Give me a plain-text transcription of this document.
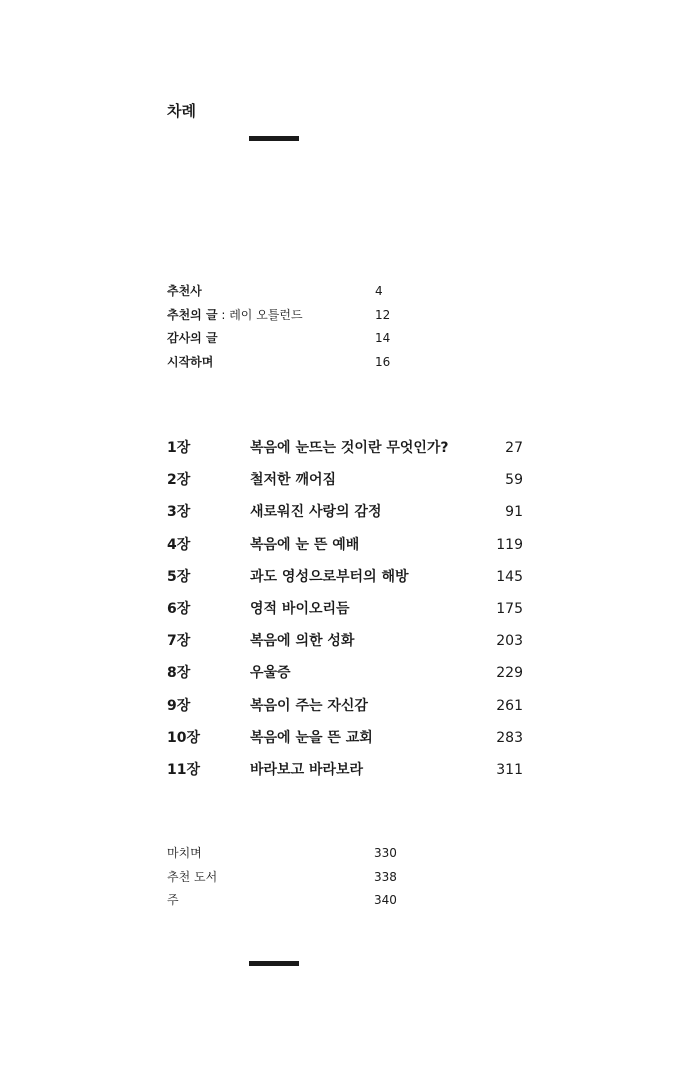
차례
추천사	4
추천의 글 : 레이 오틀런드	12
감사의 글	14
시작하며	16
1장	복음에 눈뜨는 것이란 무엇인가?	27
2장	철저한 깨어짐	59
3장	새로워진 사랑의 감정	91
4장	복음에 눈 뜬 예배	119
5장	과도 영성으로부터의 해방	145
6장	영적 바이오리듬	175
7장	복음에 의한 성화	203
8장	우울증	229
9장	복음이 주는 자신감	261
10장	복음에 눈을 뜬 교회	283
11장	바라보고 바라보라	311
마치며	330
추천 도서	338
주	340
